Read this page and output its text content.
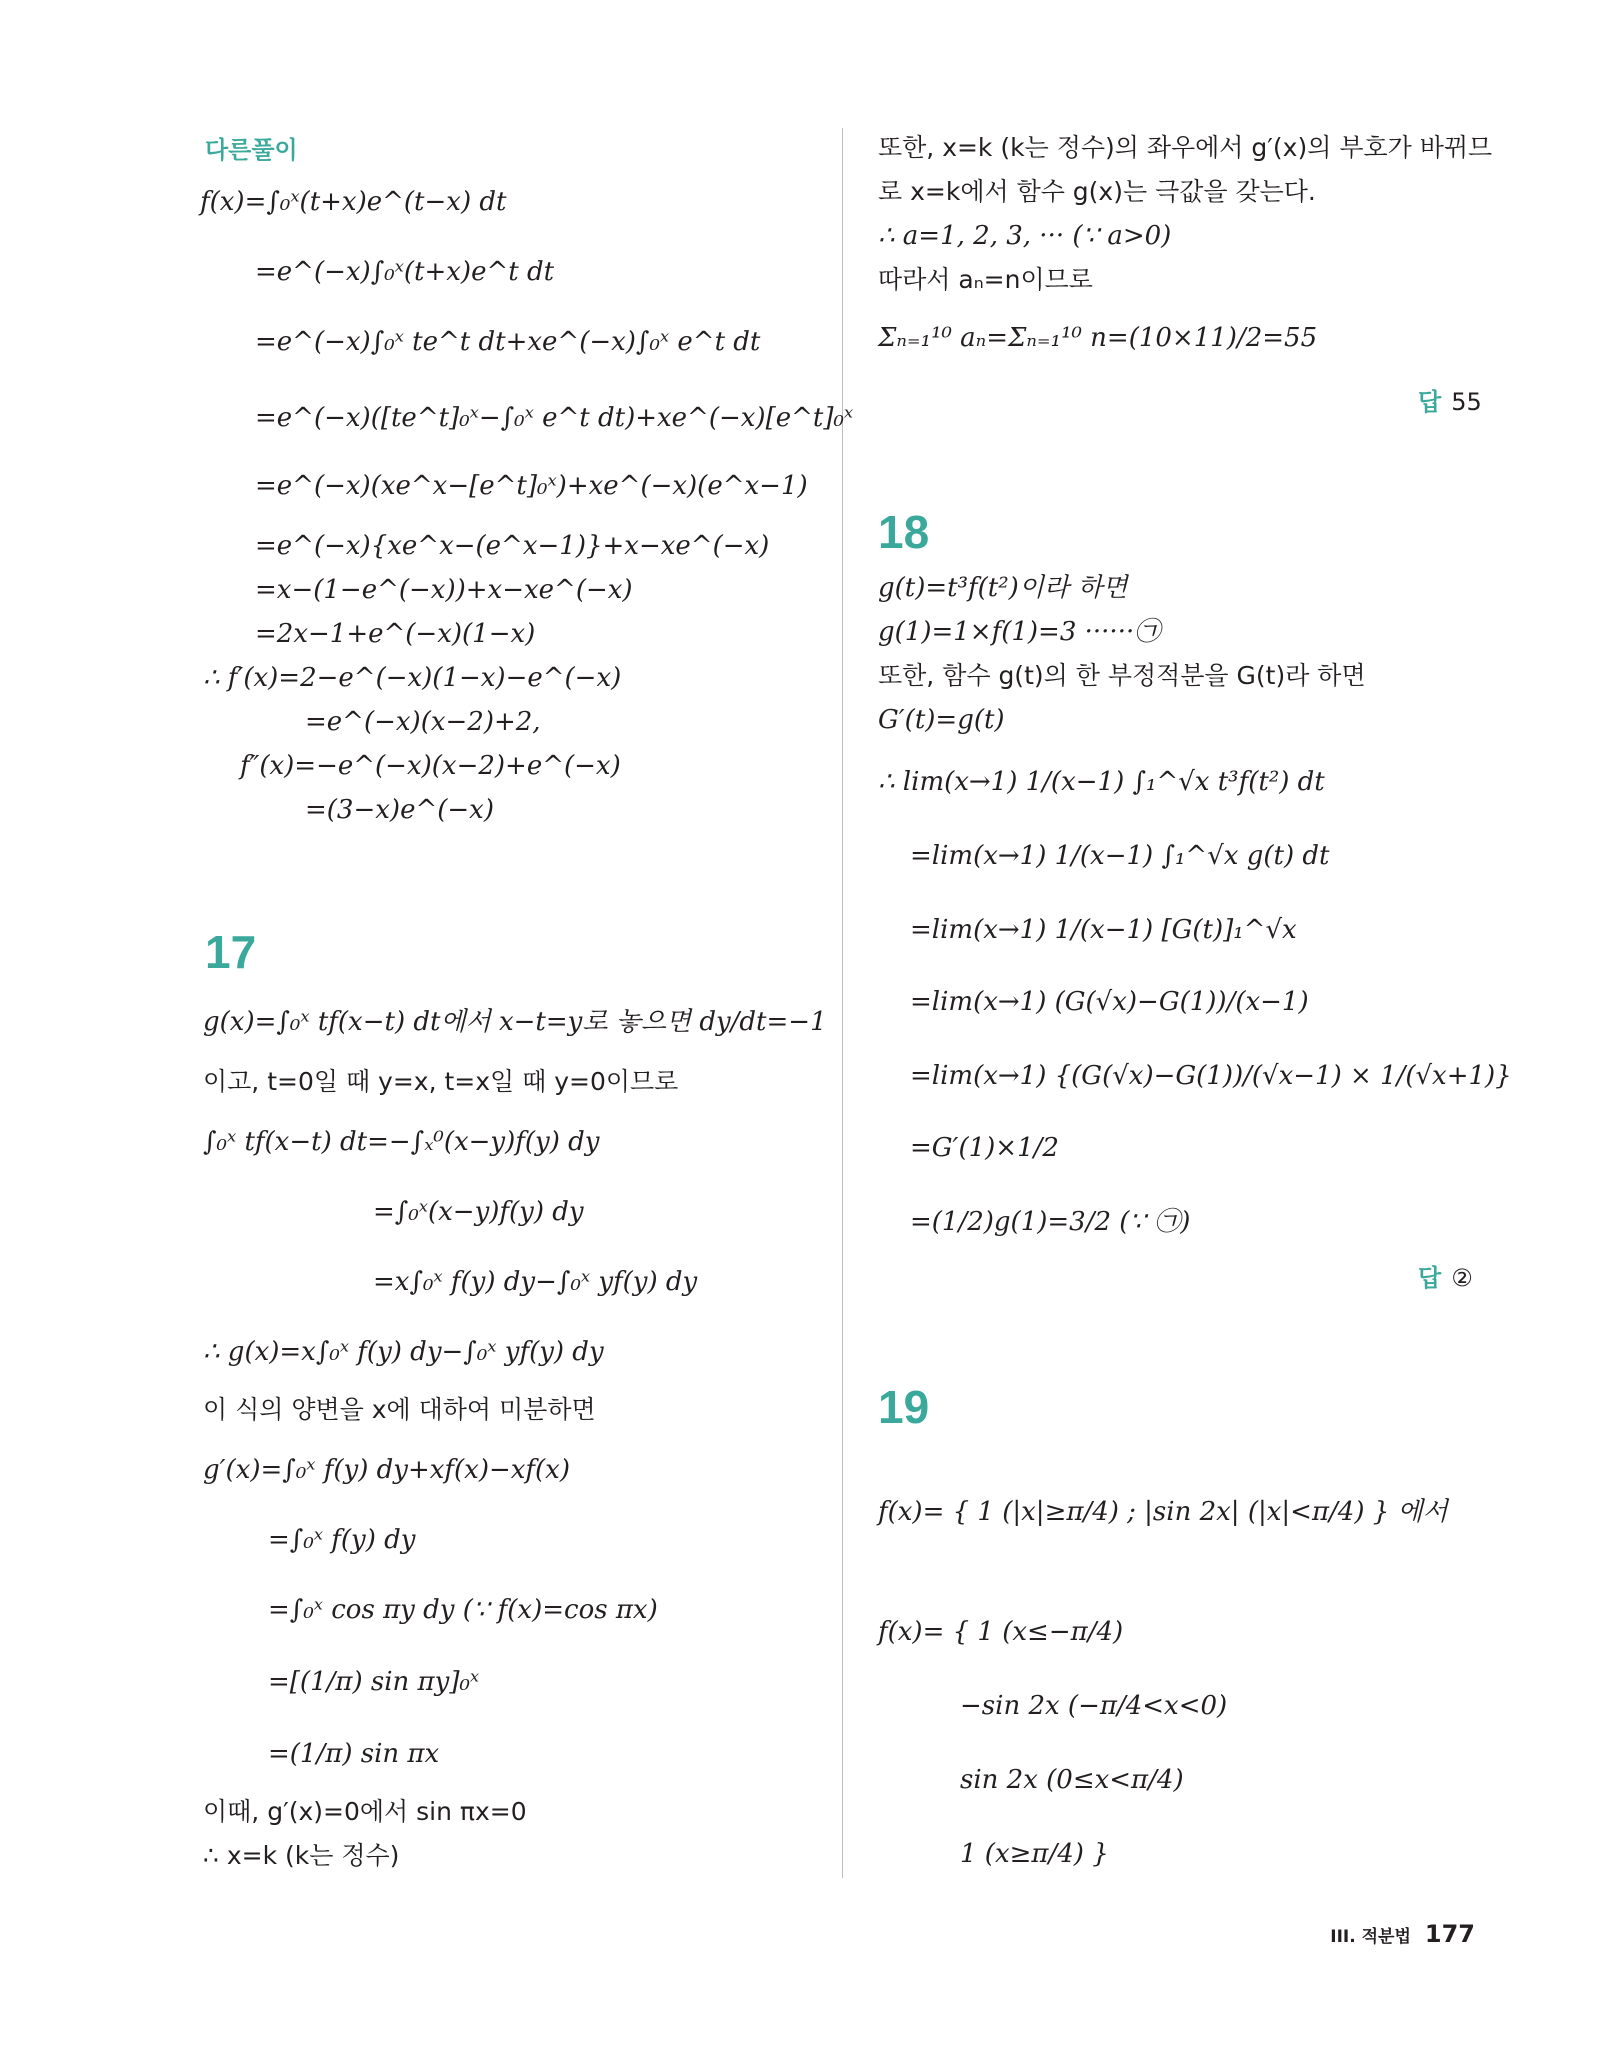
다른풀이
f(x)=∫₀ˣ(t+x)e^(t−x) dt
=e^(−x)∫₀ˣ(t+x)e^t dt
=e^(−x)∫₀ˣ te^t dt+xe^(−x)∫₀ˣ e^t dt
=e^(−x)([te^t]₀ˣ−∫₀ˣ e^t dt)+xe^(−x)[e^t]₀ˣ
=e^(−x)(xe^x−[e^t]₀ˣ)+xe^(−x)(e^x−1)
=e^(−x){xe^x−(e^x−1)}+x−xe^(−x)
=x−(1−e^(−x))+x−xe^(−x)
=2x−1+e^(−x)(1−x)
∴ f′(x)=2−e^(−x)(1−x)−e^(−x)
=e^(−x)(x−2)+2,
f″(x)=−e^(−x)(x−2)+e^(−x)
=(3−x)e^(−x)
17
g(x)=∫₀ˣ tf(x−t) dt에서 x−t=y로 놓으면 dy/dt=−1
이고, t=0일 때 y=x, t=x일 때 y=0이므로
∫₀ˣ tf(x−t) dt=−∫ₓ⁰(x−y)f(y) dy
=∫₀ˣ(x−y)f(y) dy
=x∫₀ˣ f(y) dy−∫₀ˣ yf(y) dy
∴ g(x)=x∫₀ˣ f(y) dy−∫₀ˣ yf(y) dy
이 식의 양변을 x에 대하여 미분하면
g′(x)=∫₀ˣ f(y) dy+xf(x)−xf(x)
=∫₀ˣ f(y) dy
=∫₀ˣ cos πy dy (∵ f(x)=cos πx)
=[(1/π) sin πy]₀ˣ
=(1/π) sin πx
이때, g′(x)=0에서 sin πx=0
∴ x=k (k는 정수)
또한, x=k (k는 정수)의 좌우에서 g′(x)의 부호가 바뀌므
로 x=k에서 함수 g(x)는 극값을 갖는다.
∴ a=1, 2, 3, ··· (∵ a>0)
따라서 aₙ=n이므로
Σₙ₌₁¹⁰ aₙ=Σₙ₌₁¹⁰ n=(10×11)/2=55
답 55
18
g(t)=t³f(t²)이라 하면
g(1)=1×f(1)=3 ······㉠
또한, 함수 g(t)의 한 부정적분을 G(t)라 하면
G′(t)=g(t)
∴ lim(x→1) 1/(x−1) ∫₁^√x t³f(t²) dt
=lim(x→1) 1/(x−1) ∫₁^√x g(t) dt
=lim(x→1) 1/(x−1) [G(t)]₁^√x
=lim(x→1) (G(√x)−G(1))/(x−1)
=lim(x→1) {(G(√x)−G(1))/(√x−1) × 1/(√x+1)}
=G′(1)×1/2
=(1/2)g(1)=3/2 (∵ ㉠)
답 ②
19
f(x)= { 1 (|x|≥π/4) ; |sin 2x| (|x|<π/4) } 에서
f(x)= { 1 (x≤−π/4)
−sin 2x (−π/4<x<0)
sin 2x (0≤x<π/4)
1 (x≥π/4) }
III. 적분법 177
